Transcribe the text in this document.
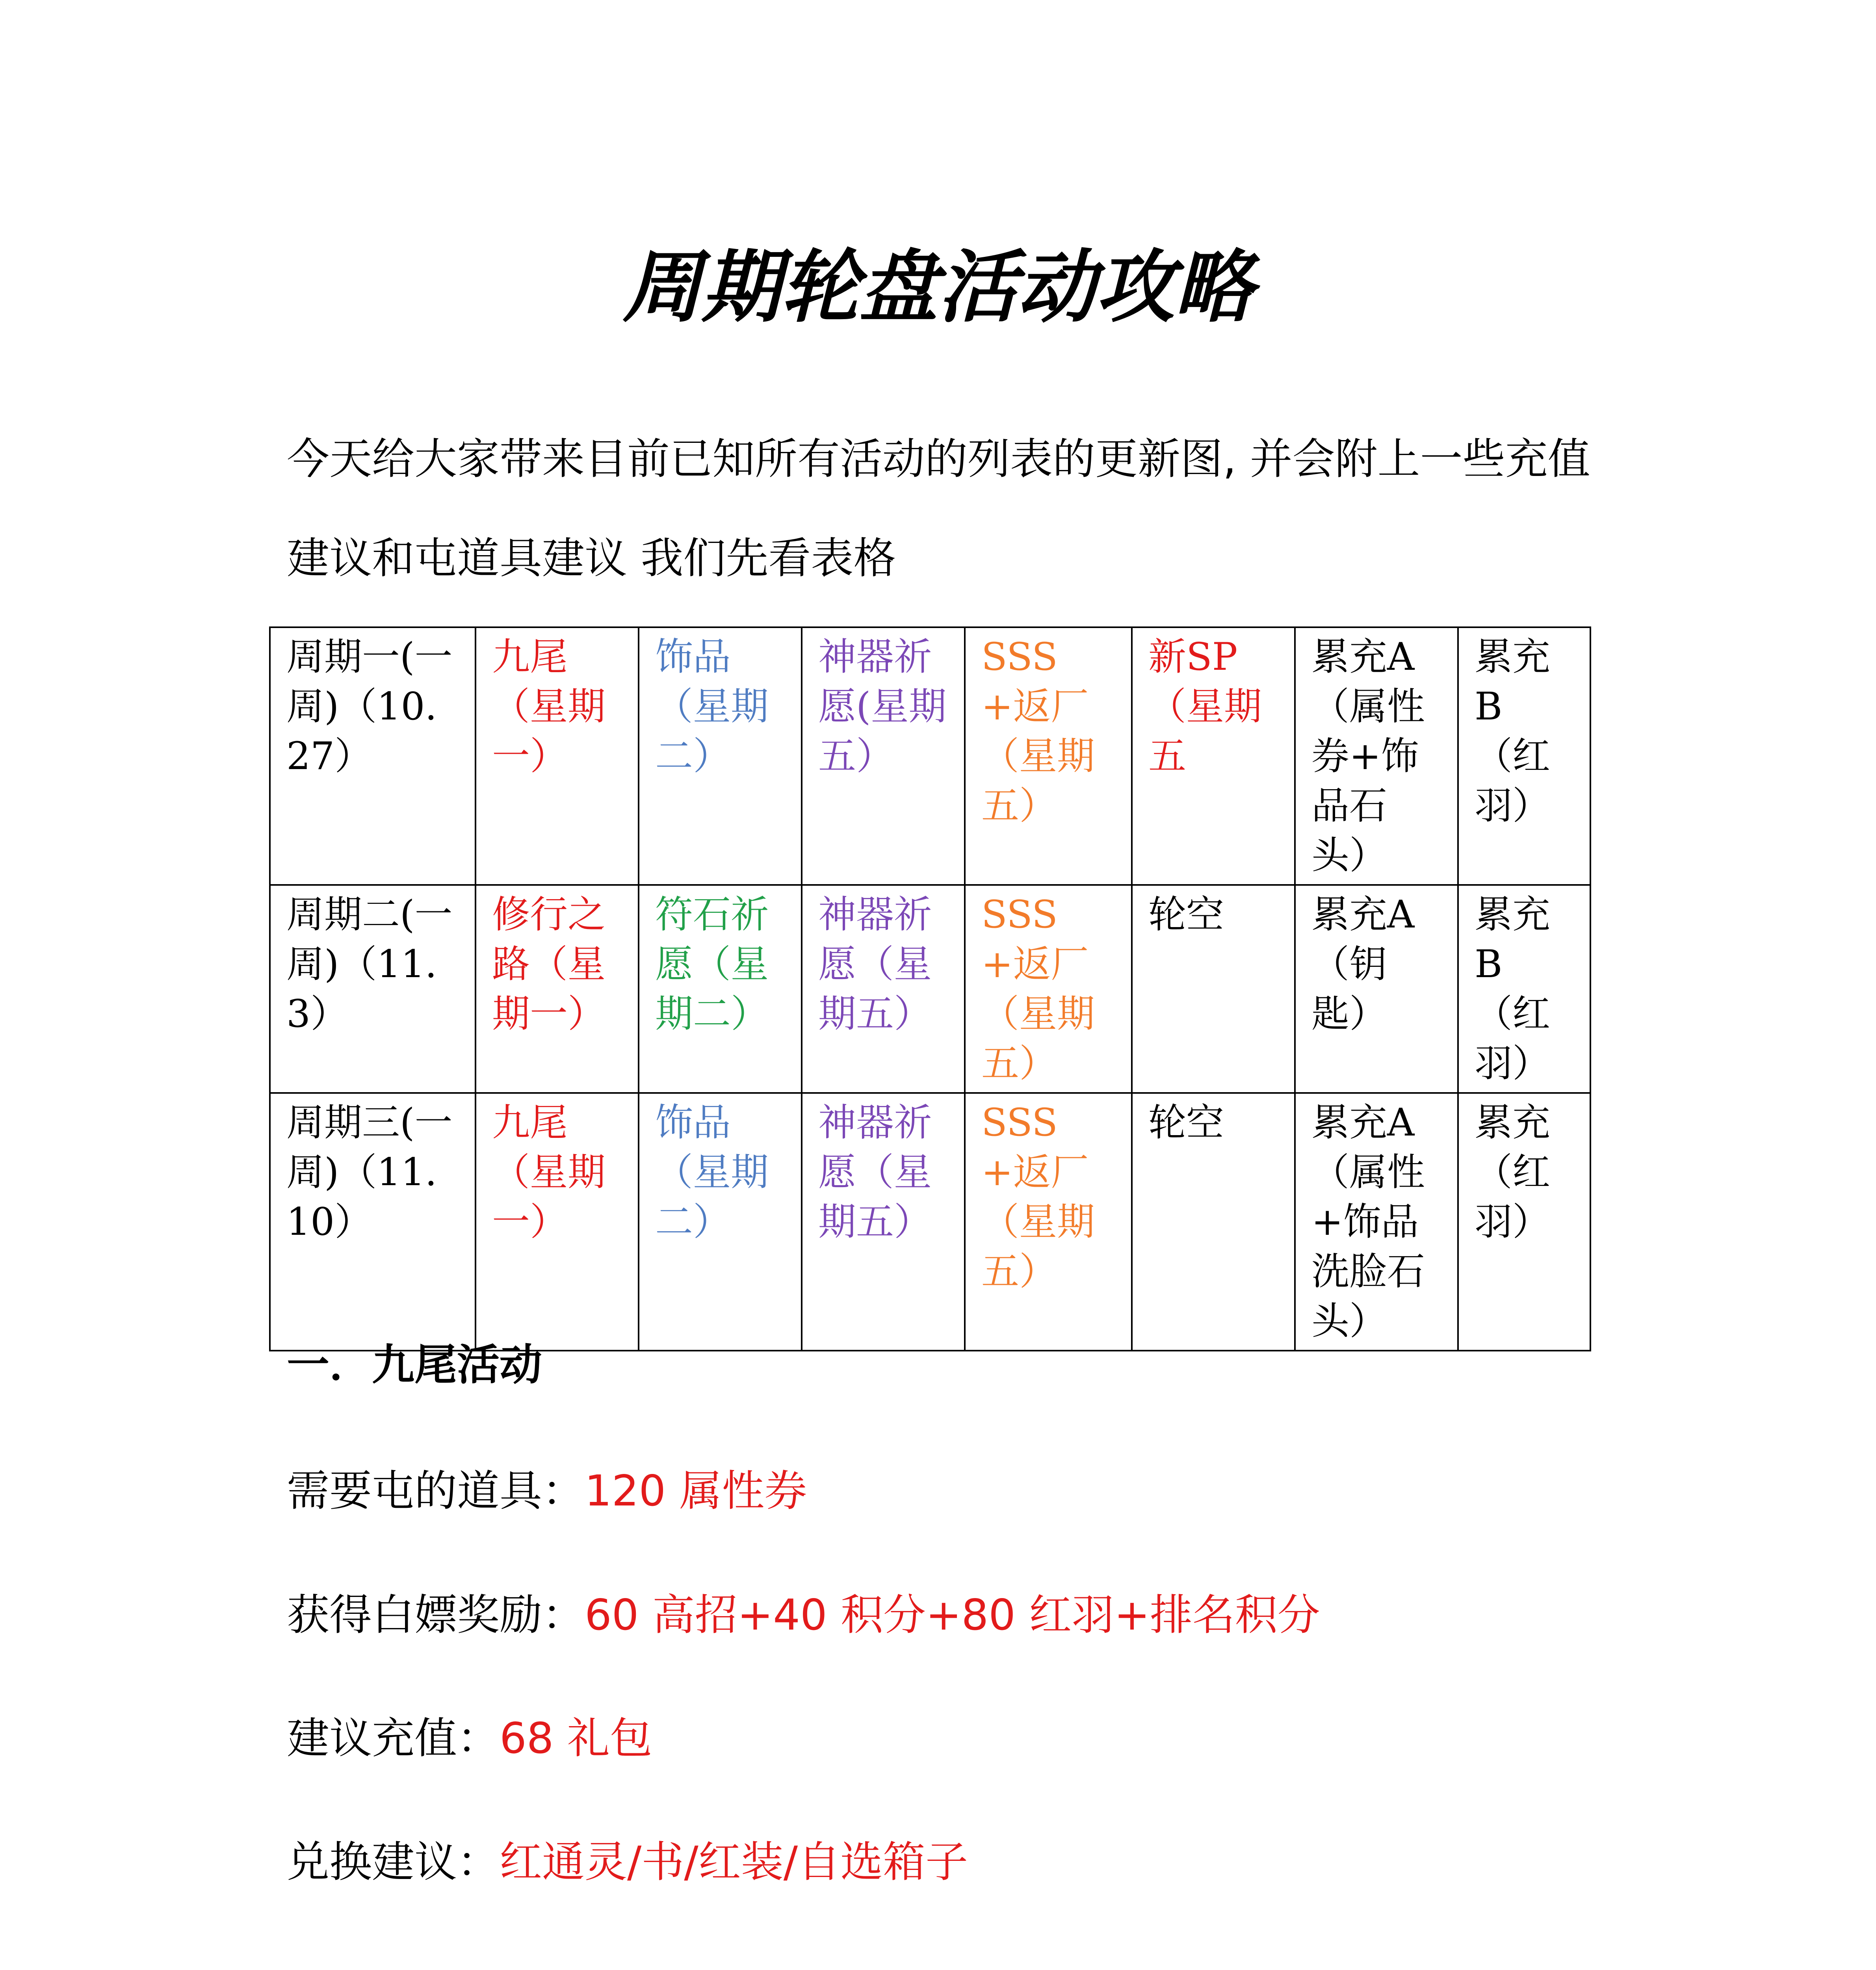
周期轮盘活动攻略
今天给大家带来目前已知所有活动的列表的更新图, 并会附上一些充值建议和屯道具建议 我们先看表格
周期一(一周)（10.27）	九尾（星期一）	饰品（星期二）	神器祈愿(星期五）	SSS+返厂（星期五）	新SP（星期五	累充A（属性券+饰品石头）	累充B（红羽）
周期二(一周)（11.3）	修行之路（星期一）	符石祈愿（星期二）	神器祈愿（星期五）	SSS+返厂（星期五）	轮空	累充A（钥匙）	累充B（红羽）
周期三(一周)（11.10）	九尾（星期一）	饰品（星期二）	神器祈愿（星期五）	SSS+返厂（星期五）	轮空	累充A（属性+饰品洗脸石头）	累充（红羽）
一．九尾活动
需要屯的道具：120 属性券
获得白嫖奖励：60 高招+40 积分+80 红羽+排名积分
建议充值：68 礼包
兑换建议：红通灵/书/红装/自选箱子
